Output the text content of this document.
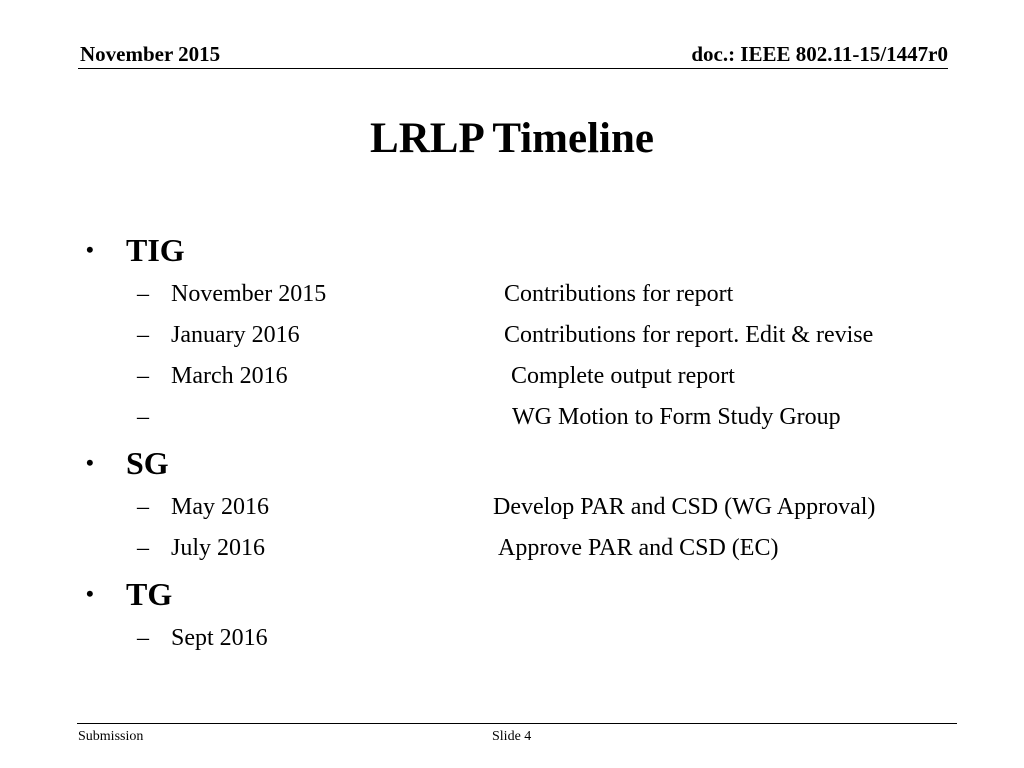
November 2015	doc.: IEEE 802.11-15/1447r0
LRLP Timeline
• TIG
– November 2015	Contributions for report
– January 2016	Contributions for report. Edit & revise
– March 2016	Complete output report
–	WG Motion to Form Study Group
• SG
– May 2016	Develop PAR and CSD (WG Approval)
– July 2016	Approve PAR and CSD (EC)
• TG
– Sept 2016
Submission	Slide 4
